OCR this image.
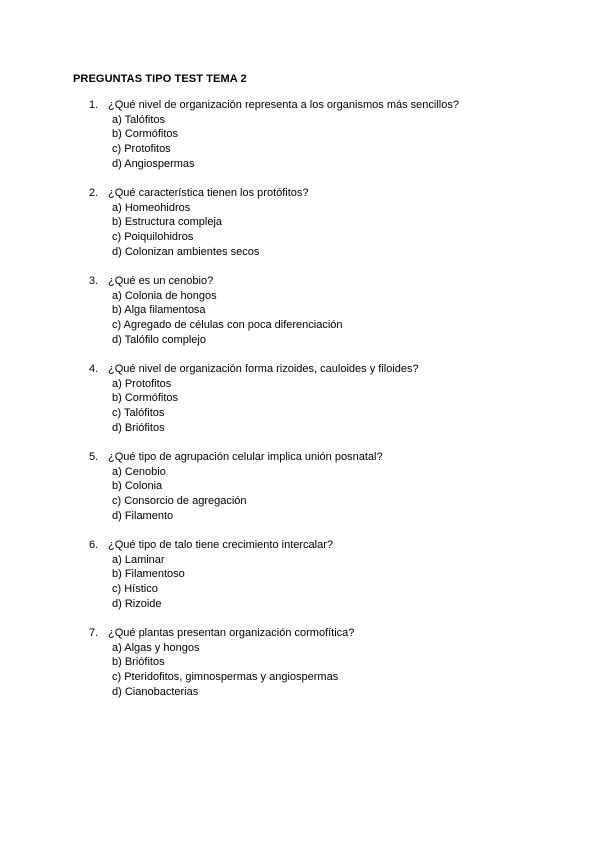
PREGUNTAS TIPO TEST TEMA 2
1. ¿Qué nivel de organización representa a los organismos más sencillos?
a) Talófitos
b) Cormófitos
c) Protofitos
d) Angiospermas
2. ¿Qué característica tienen los protófitos?
a) Homeohidros
b) Estructura compleja
c) Poiquilohidros
d) Colonizan ambientes secos
3. ¿Qué es un cenobio?
a) Colonia de hongos
b) Alga filamentosa
c) Agregado de células con poca diferenciación
d) Talófilo complejo
4. ¿Qué nivel de organización forma rizoides, cauloides y filoides?
a) Protofitos
b) Cormófitos
c) Talófitos
d) Briófitos
5. ¿Qué tipo de agrupación celular implica unión posnatal?
a) Cenobio
b) Colonia
c) Consorcio de agregación
d) Filamento
6. ¿Qué tipo de talo tiene crecimiento intercalar?
a) Laminar
b) Filamentoso
c) Hístico
d) Rizoide
7. ¿Qué plantas presentan organización cormofítica?
a) Algas y hongos
b) Briófitos
c) Pteridofitos, gimnospermas y angiospermas
d) Cianobacterias
